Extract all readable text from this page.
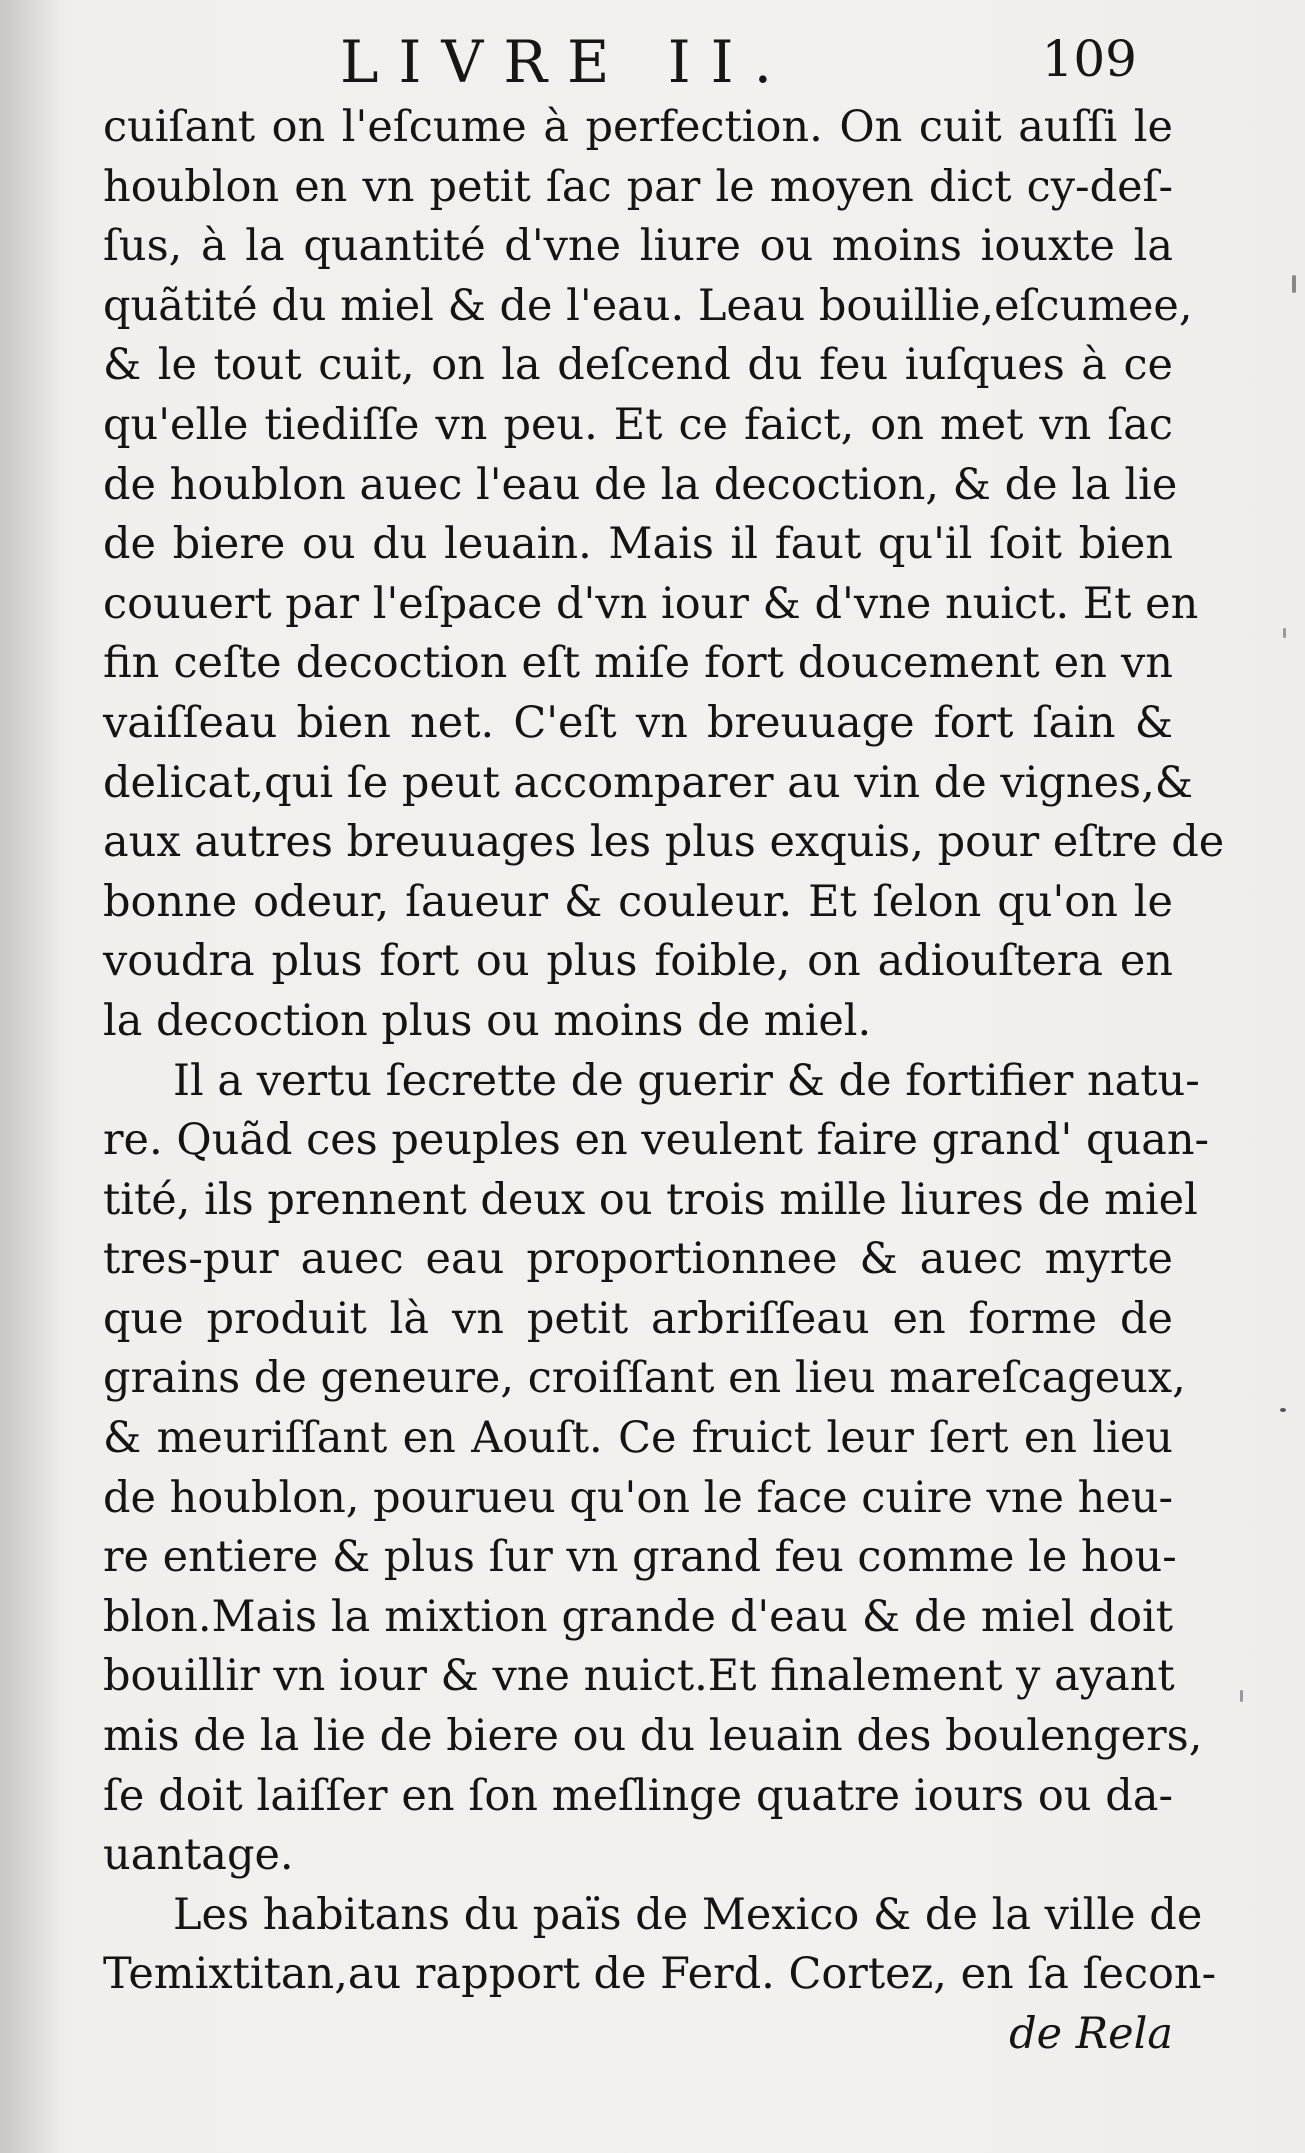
LIVRE II.	109
cuiſant on l'eſcume à perfection. On cuit auſſi le
houblon en vn petit ſac par le moyen dict cy-deſ-
ſus, à la quantité d'vne liure ou moins iouxte la
quãtité du miel & de l'eau. Leau bouillie,eſcumee,
& le tout cuit, on la deſcend du feu iuſques à ce
qu'elle tiediſſe vn peu. Et ce faict, on met vn ſac
de houblon auec l'eau de la decoction, & de la lie
de biere ou du leuain. Mais il faut qu'il ſoit bien
couuert par l'eſpace d'vn iour & d'vne nuict. Et en
fin ceſte decoction eſt miſe fort doucement en vn
vaiſſeau bien net. C'eſt vn breuuage fort ſain &
delicat,qui ſe peut accomparer au vin de vignes,&
aux autres breuuages les plus exquis, pour eſtre de
bonne odeur, ſaueur & couleur. Et ſelon qu'on le
voudra plus fort ou plus foible, on adiouſtera en
la decoction plus ou moins de miel.
Il a vertu ſecrette de guerir & de fortifier natu-
re. Quãd ces peuples en veulent faire grand' quan-
tité, ils prennent deux ou trois mille liures de miel
tres-pur auec eau proportionnee & auec myrte
que produit là vn petit arbriſſeau en forme de
grains de geneure, croiſſant en lieu mareſcageux,
& meuriſſant en Aouſt. Ce fruict leur ſert en lieu
de houblon, pourueu qu'on le face cuire vne heu-
re entiere & plus ſur vn grand feu comme le hou-
blon.Mais la mixtion grande d'eau & de miel doit
bouillir vn iour & vne nuict.Et finalement y ayant
mis de la lie de biere ou du leuain des boulengers,
ſe doit laiſſer en ſon meſlinge quatre iours ou da-
uantage.
Les habitans du païs de Mexico & de la ville de
Temixtitan,au rapport de Ferd. Cortez, en ſa ſecon-
de Rela
